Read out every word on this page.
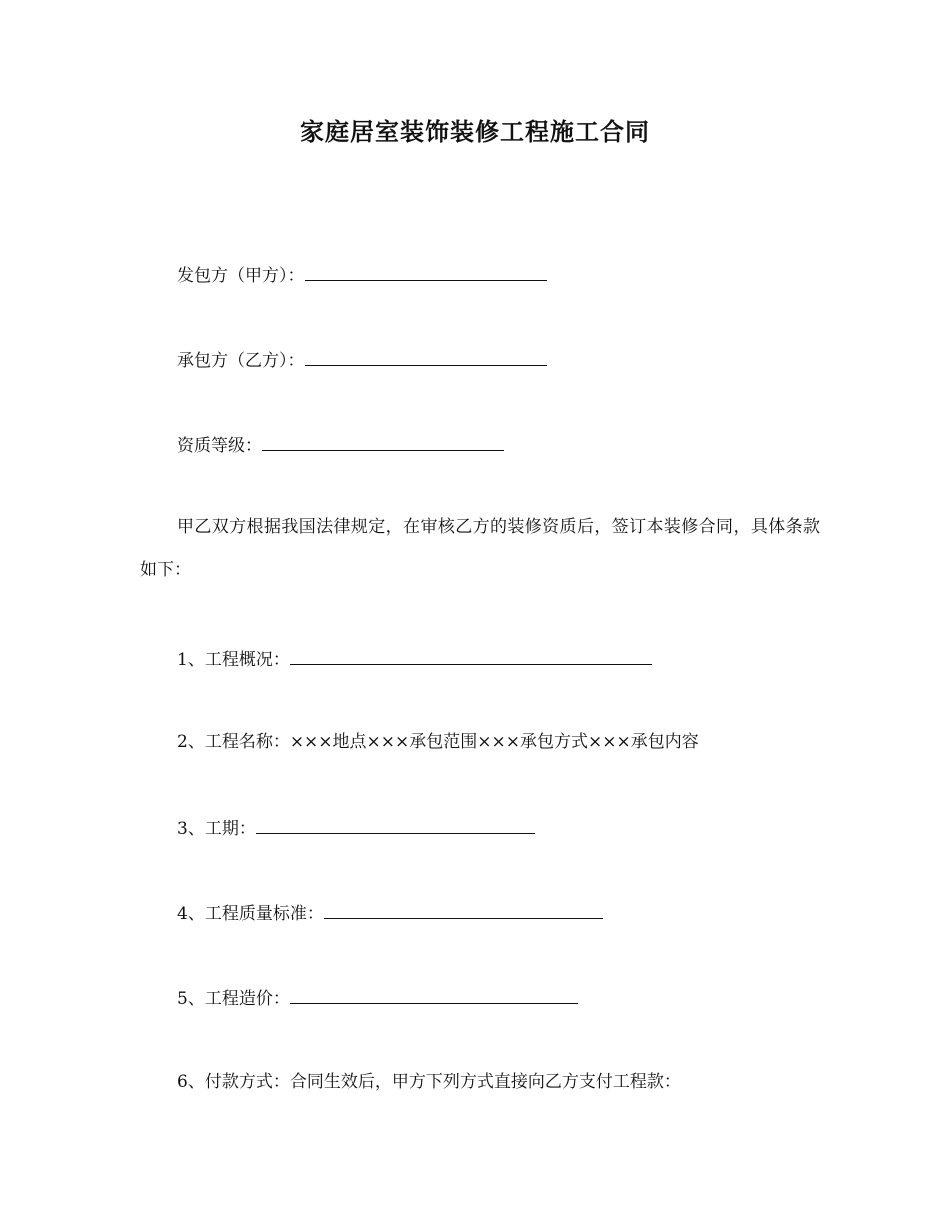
家庭居室装饰装修工程施工合同
发包方（甲方）：
承包方（乙方）：
资质等级：
甲乙双方根据我国法律规定，在审核乙方的装修资质后，签订本装修合同，具体条款如下：
1、工程概况：
2、工程名称：×××地点×××承包范围×××承包方式×××承包内容
3、工期：
4、工程质量标准：
5、工程造价：
6、付款方式：合同生效后，甲方下列方式直接向乙方支付工程款：
